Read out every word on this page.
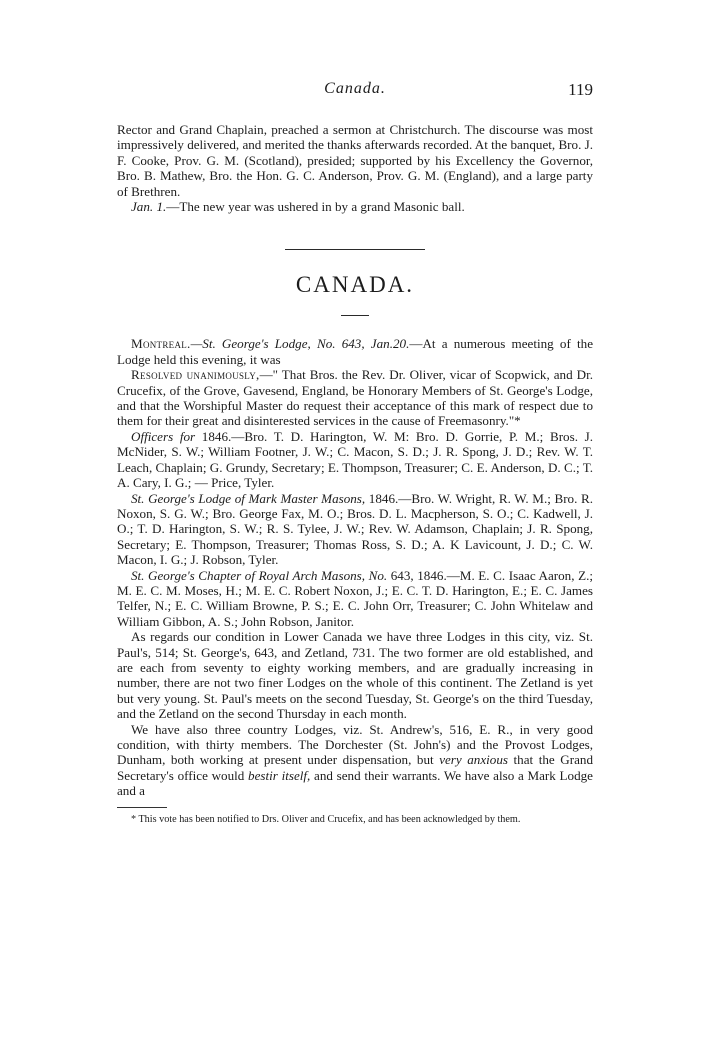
Canada.	119

Rector and Grand Chaplain, preached a sermon at Christchurch. The discourse was most impressively delivered, and merited the thanks afterwards recorded. At the banquet, Bro. J. F. Cooke, Prov. G. M. (Scotland), presided; supported by his Excellency the Governor, Bro. B. Mathew, Bro. the Hon. G. C. Anderson, Prov. G. M. (England), and a large party of Brethren.

Jan. 1.—The new year was ushered in by a grand Masonic ball.

CANADA.

Montreal.—St. George's Lodge, No. 643, Jan.20.—At a numerous meeting of the Lodge held this evening, it was

Resolved unanimously,—" That Bros. the Rev. Dr. Oliver, vicar of Scopwick, and Dr. Crucefix, of the Grove, Gavesend, England, be Honorary Members of St. George's Lodge, and that the Worshipful Master do request their acceptance of this mark of respect due to them for their great and disinterested services in the cause of Freemasonry."*

Officers for 1846.—Bro. T. D. Harington, W. M: Bro. D. Gorrie, P. M.; Bros. J. McNider, S. W.; William Footner, J. W.; C. Macon, S. D.; J. R. Spong, J. D.; Rev. W. T. Leach, Chaplain; G. Grundy, Secretary; E. Thompson, Treasurer; C. E. Anderson, D. C.; T. A. Cary, I. G.; — Price, Tyler.

St. George's Lodge of Mark Master Masons, 1846.—Bro. W. Wright, R. W. M.; Bro. R. Noxon, S. G. W.; Bro. George Fax, M. O.; Bros. D. L. Macpherson, S. O.; C. Kadwell, J. O.; T. D. Harington, S. W.; R. S. Tylee, J. W.; Rev. W. Adamson, Chaplain; J. R. Spong, Secretary; E. Thompson, Treasurer; Thomas Ross, S. D.; A. K Lavicount, J. D.; C. W. Macon, I. G.; J. Robson, Tyler.

St. George's Chapter of Royal Arch Masons, No. 643, 1846.—M. E. C. Isaac Aaron, Z.; M. E. C. M. Moses, H.; M. E. C. Robert Noxon, J.; E. C. T. D. Harington, E.; E. C. James Telfer, N.; E. C. William Browne, P. S.; E. C. John Orr, Treasurer; C. John Whitelaw and William Gibbon, A. S.; John Robson, Janitor.

As regards our condition in Lower Canada we have three Lodges in this city, viz. St. Paul's, 514; St. George's, 643, and Zetland, 731. The two former are old established, and are each from seventy to eighty working members, and are gradually increasing in number, there are not two finer Lodges on the whole of this continent. The Zetland is yet but very young. St. Paul's meets on the second Tuesday, St. George's on the third Tuesday, and the Zetland on the second Thursday in each month.

We have also three country Lodges, viz. St. Andrew's, 516, E. R., in very good condition, with thirty members. The Dorchester (St. John's) and the Provost Lodges, Dunham, both working at present under dispensation, but very anxious that the Grand Secretary's office would bestir itself, and send their warrants. We have also a Mark Lodge and a

* This vote has been notified to Drs. Oliver and Crucefix, and has been acknowledged by them.
